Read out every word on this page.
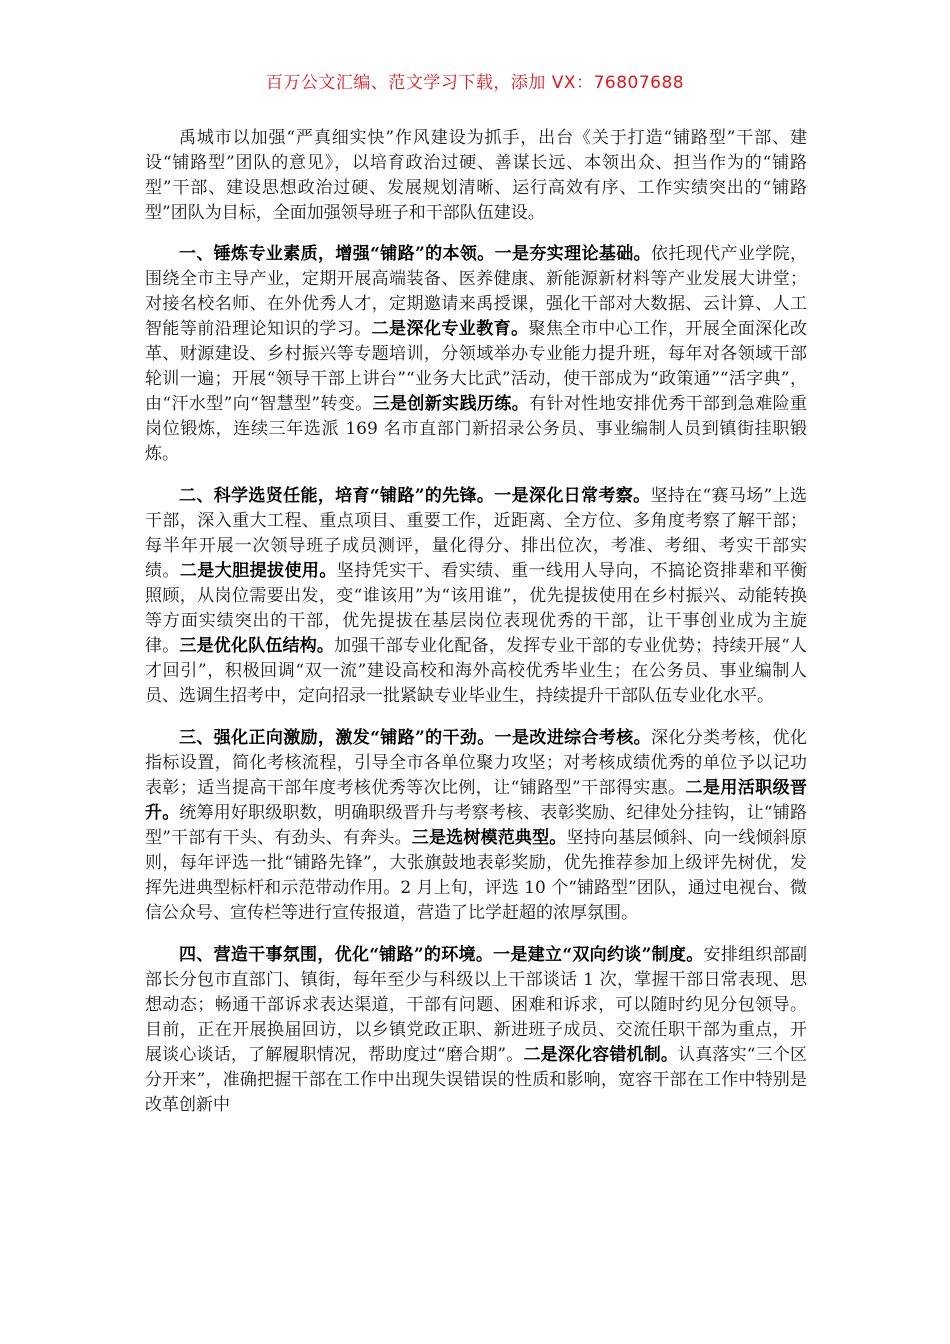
百万公文汇编、范文学习下载，添加 VX：76807688

禹城市以加强“严真细实快”作风建设为抓手，出台《关于打造“铺路型”干部、建设“铺路型”团队的意见》，以培育政治过硬、善谋长远、本领出众、担当作为的“铺路型”干部、建设思想政治过硬、发展规划清晰、运行高效有序、工作实绩突出的“铺路型”团队为目标，全面加强领导班子和干部队伍建设。

一、锤炼专业素质，增强“铺路”的本领。一是夯实理论基础。依托现代产业学院，围绕全市主导产业，定期开展高端装备、医养健康、新能源新材料等产业发展大讲堂；对接名校名师、在外优秀人才，定期邀请来禹授课，强化干部对大数据、云计算、人工智能等前沿理论知识的学习。二是深化专业教育。聚焦全市中心工作，开展全面深化改革、财源建设、乡村振兴等专题培训，分领域举办专业能力提升班，每年对各领域干部轮训一遍；开展“领导干部上讲台”“业务大比武”活动，使干部成为“政策通”“活字典”，由“汗水型”向“智慧型”转变。三是创新实践历练。有针对性地安排优秀干部到急难险重岗位锻炼，连续三年选派 169 名市直部门新招录公务员、事业编制人员到镇街挂职锻炼。

二、科学选贤任能，培育“铺路”的先锋。一是深化日常考察。坚持在“赛马场”上选干部，深入重大工程、重点项目、重要工作，近距离、全方位、多角度考察了解干部；每半年开展一次领导班子成员测评，量化得分、排出位次，考准、考细、考实干部实绩。二是大胆提拔使用。坚持凭实干、看实绩、重一线用人导向，不搞论资排辈和平衡照顾，从岗位需要出发，变“谁该用”为“该用谁”，优先提拔使用在乡村振兴、动能转换等方面实绩突出的干部，优先提拔在基层岗位表现优秀的干部，让干事创业成为主旋律。三是优化队伍结构。加强干部专业化配备，发挥专业干部的专业优势；持续开展“人才回引”，积极回调“双一流”建设高校和海外高校优秀毕业生；在公务员、事业编制人员、选调生招考中，定向招录一批紧缺专业毕业生，持续提升干部队伍专业化水平。

三、强化正向激励，激发“铺路”的干劲。一是改进综合考核。深化分类考核，优化指标设置，简化考核流程，引导全市各单位聚力攻坚；对考核成绩优秀的单位予以记功表彰；适当提高干部年度考核优秀等次比例，让“铺路型”干部得实惠。二是用活职级晋升。统筹用好职级职数，明确职级晋升与考察考核、表彰奖励、纪律处分挂钩，让“铺路型”干部有干头、有劲头、有奔头。三是选树模范典型。坚持向基层倾斜、向一线倾斜原则，每年评选一批“铺路先锋”，大张旗鼓地表彰奖励，优先推荐参加上级评先树优，发挥先进典型标杆和示范带动作用。2 月上旬，评选 10 个“铺路型”团队，通过电视台、微信公众号、宣传栏等进行宣传报道，营造了比学赶超的浓厚氛围。

四、营造干事氛围，优化“铺路”的环境。一是建立“双向约谈”制度。安排组织部副部长分包市直部门、镇街，每年至少与科级以上干部谈话 1 次，掌握干部日常表现、思想动态；畅通干部诉求表达渠道，干部有问题、困难和诉求，可以随时约见分包领导。目前，正在开展换届回访，以乡镇党政正职、新进班子成员、交流任职干部为重点，开展谈心谈话，了解履职情况，帮助度过“磨合期”。二是深化容错机制。认真落实“三个区分开来”，准确把握干部在工作中出现失误错误的性质和影响，宽容干部在工作中特别是改革创新中
